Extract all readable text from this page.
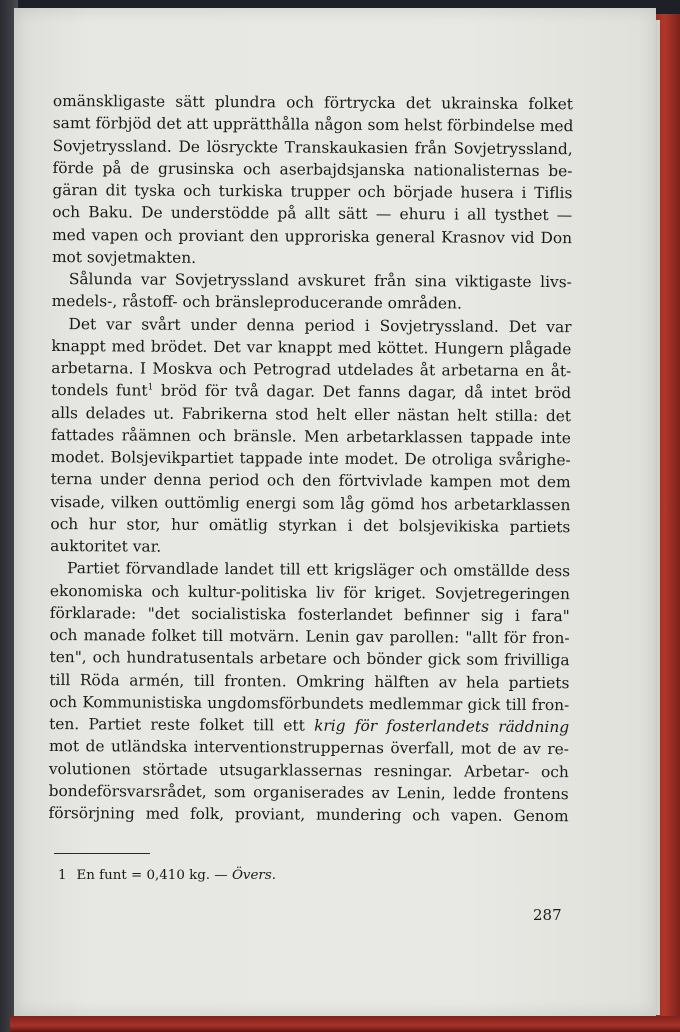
omänskligaste sätt plundra och förtrycka det ukrainska folket
samt förbjöd det att upprätthålla någon som helst förbindelse med
Sovjetryssland. De lösryckte Transkaukasien från Sovjetryssland,
förde på de grusinska och aserbajdsjanska nationalisternas be-
gäran dit tyska och turkiska trupper och började husera i Tiflis
och Baku. De understödde på allt sätt — ehuru i all tysthet —
med vapen och proviant den upproriska general Krasnov vid Don
mot sovjetmakten.
Sålunda var Sovjetryssland avskuret från sina viktigaste livs-
medels-, råstoff- och bränsleproducerande områden.
Det var svårt under denna period i Sovjetryssland. Det var
knappt med brödet. Det var knappt med köttet. Hungern plågade
arbetarna. I Moskva och Petrograd utdelades åt arbetarna en åt-
tondels funt$^1$ bröd för två dagar. Det fanns dagar, då intet bröd
alls delades ut. Fabrikerna stod helt eller nästan helt stilla: det
fattades råämnen och bränsle. Men arbetarklassen tappade inte
modet. Bolsjevikpartiet tappade inte modet. De otroliga svårighe-
terna under denna period och den förtvivlade kampen mot dem
visade, vilken outtömlig energi som låg gömd hos arbetarklassen
och hur stor, hur omätlig styrkan i det bolsjevikiska partiets
auktoritet var.
Partiet förvandlade landet till ett krigsläger och omställde dess
ekonomiska och kultur-politiska liv för kriget. Sovjetregeringen
förklarade: "det socialistiska fosterlandet befinner sig i fara"
och manade folket till motvärn. Lenin gav parollen: "allt för fron-
ten", och hundratusentals arbetare och bönder gick som frivilliga
till Röda armén, till fronten. Omkring hälften av hela partiets
och Kommunistiska ungdomsförbundets medlemmar gick till fron-
ten. Partiet reste folket till ett krig för fosterlandets räddning
mot de utländska interventionstruppernas överfall, mot de av re-
volutionen störtade utsugarklassernas resningar. Arbetar- och
bondeförsvarsrådet, som organiserades av Lenin, ledde frontens
försörjning med folk, proviant, mundering och vapen. Genom
1 En funt = 0,410 kg. — Övers.
287
